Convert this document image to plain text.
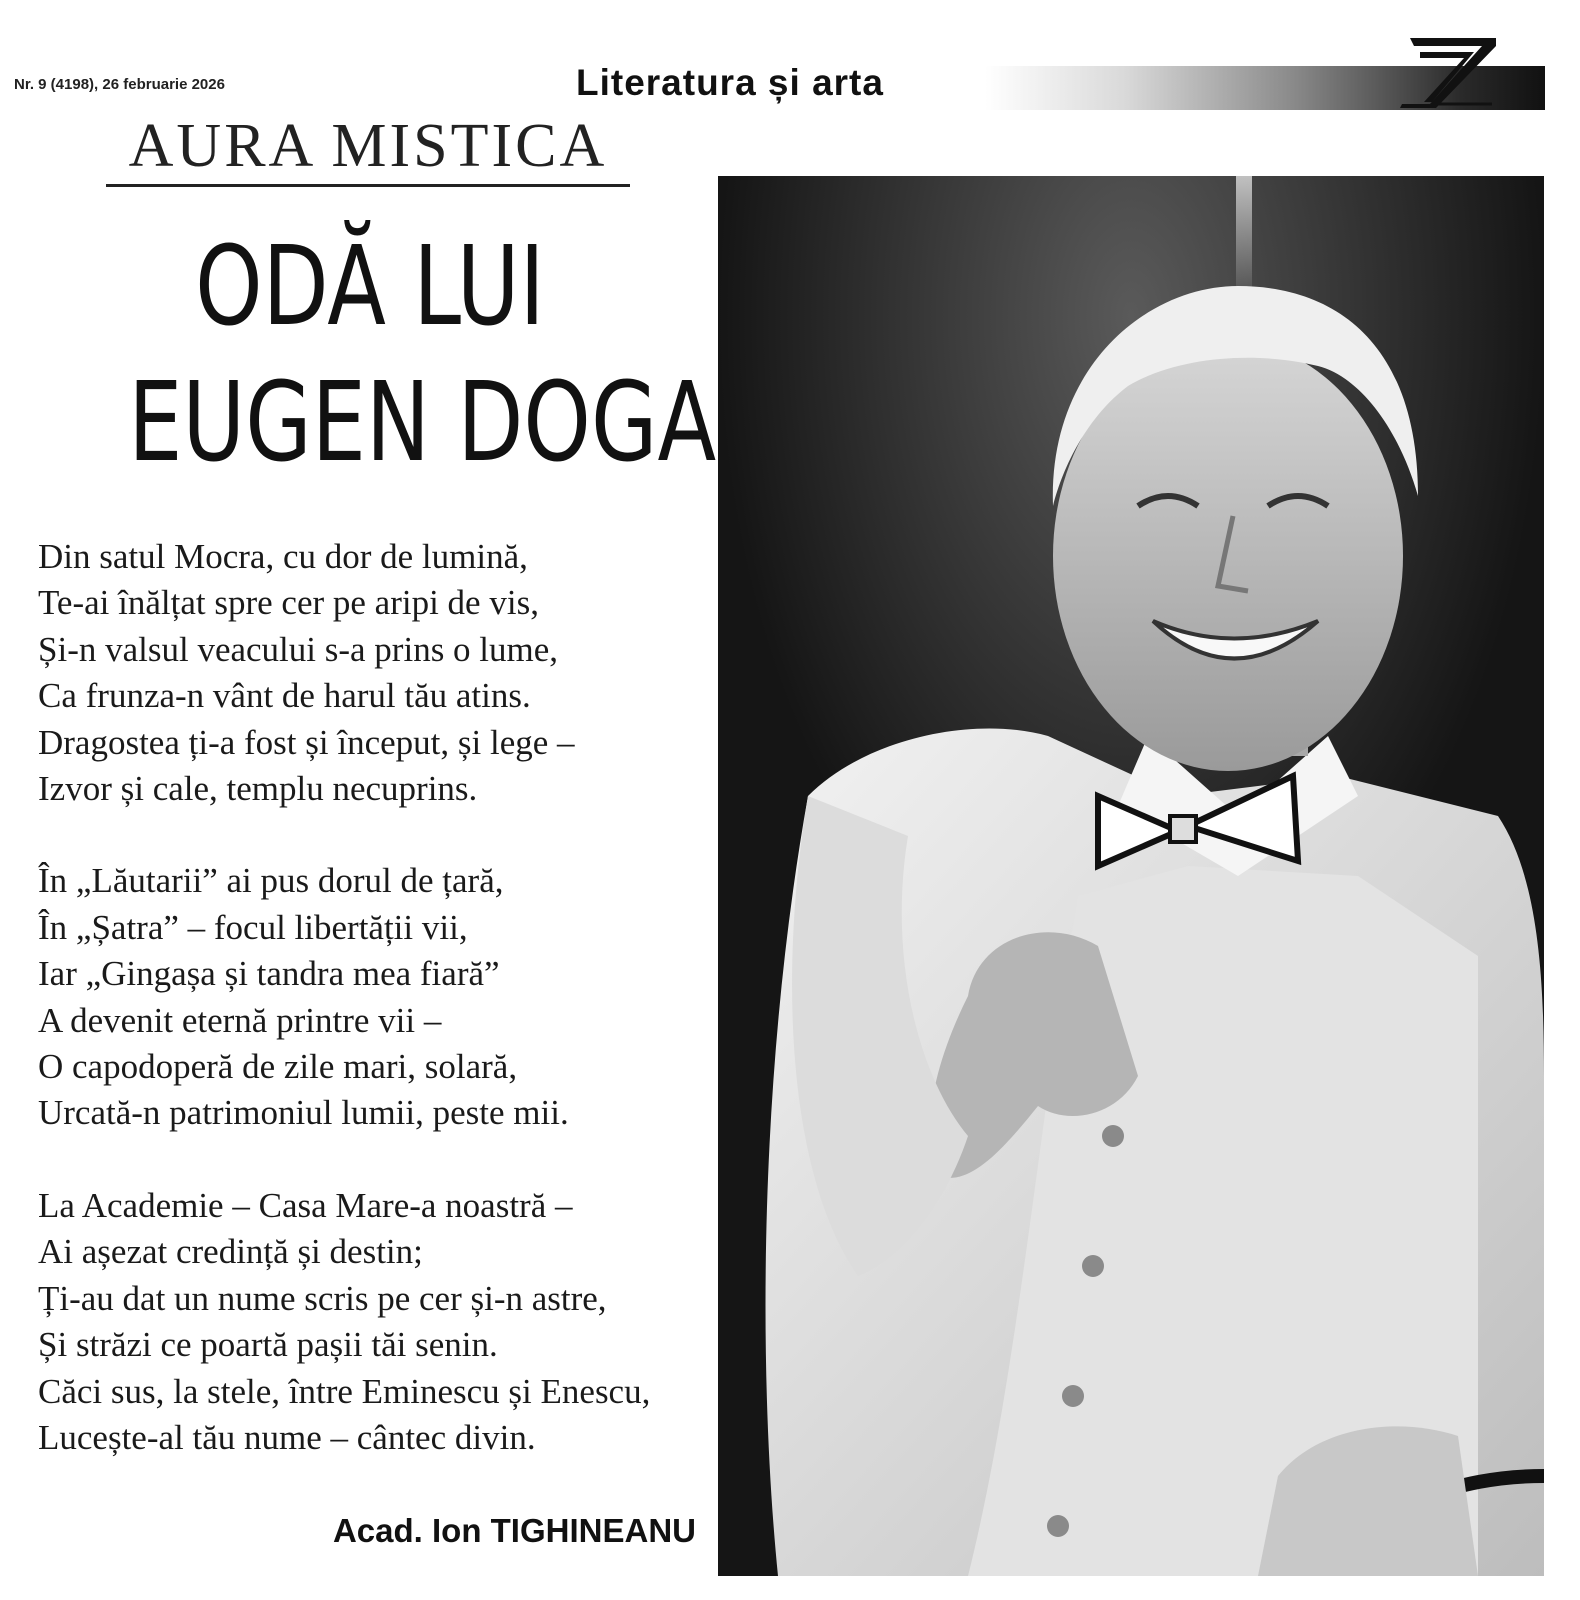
Nr. 9 (4198), 26 februarie 2026	Literatura și arta
AURA MISTICA
ODĂ LUI
EUGEN DOGA
Din satul Mocra, cu dor de lumină,
Te-ai înălțat spre cer pe aripi de vis,
Și-n valsul veacului s-a prins o lume,
Ca frunza-n vânt de harul tău atins.
Dragostea ți-a fost și început, și lege –
Izvor și cale, templu necuprins.
În „Lăutarii” ai pus dorul de țară,
În „Șatra” – focul libertății vii,
Iar „Gingașa și tandra mea fiară”
A devenit eternă printre vii –
O capodoperă de zile mari, solară,
Urcată-n patrimoniul lumii, peste mii.
La Academie – Casa Mare-a noastră –
Ai așezat credință și destin;
Ți-au dat un nume scris pe cer și-n astre,
Și străzi ce poartă pașii tăi senin.
Căci sus, la stele, între Eminescu și Enescu,
Lucește-al tău nume – cântec divin.
Acad. Ion TIGHINEANU
